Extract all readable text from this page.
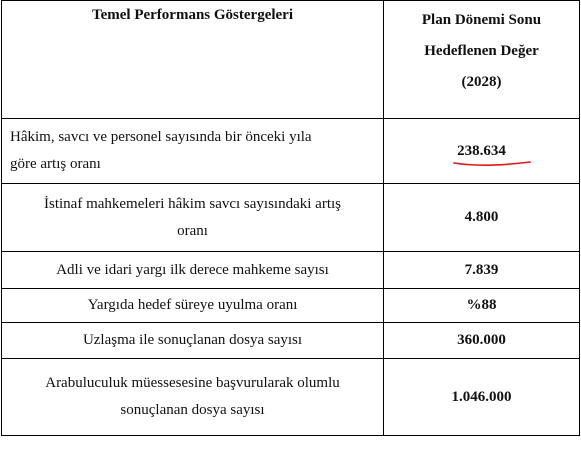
Temel Performans Göstergeleri	Plan Dönemi Sonu
Hedeflenen Değer
(2028)

Hâkim, savcı ve personel sayısında bir önceki yıla
göre artış oranı	238.634

İstinaf mahkemeleri hâkim savcı sayısındaki artış
oranı	4.800
Adli ve idari yargı ilk derece mahkeme sayısı	7.839
Yargıda hedef süreye uyulma oranı	%88
Uzlaşma ile sonuçlanan dosya sayısı	360.000
Arabuluculuk müessesesine başvurularak olumlu
sonuçlanan dosya sayısı	1.046.000
